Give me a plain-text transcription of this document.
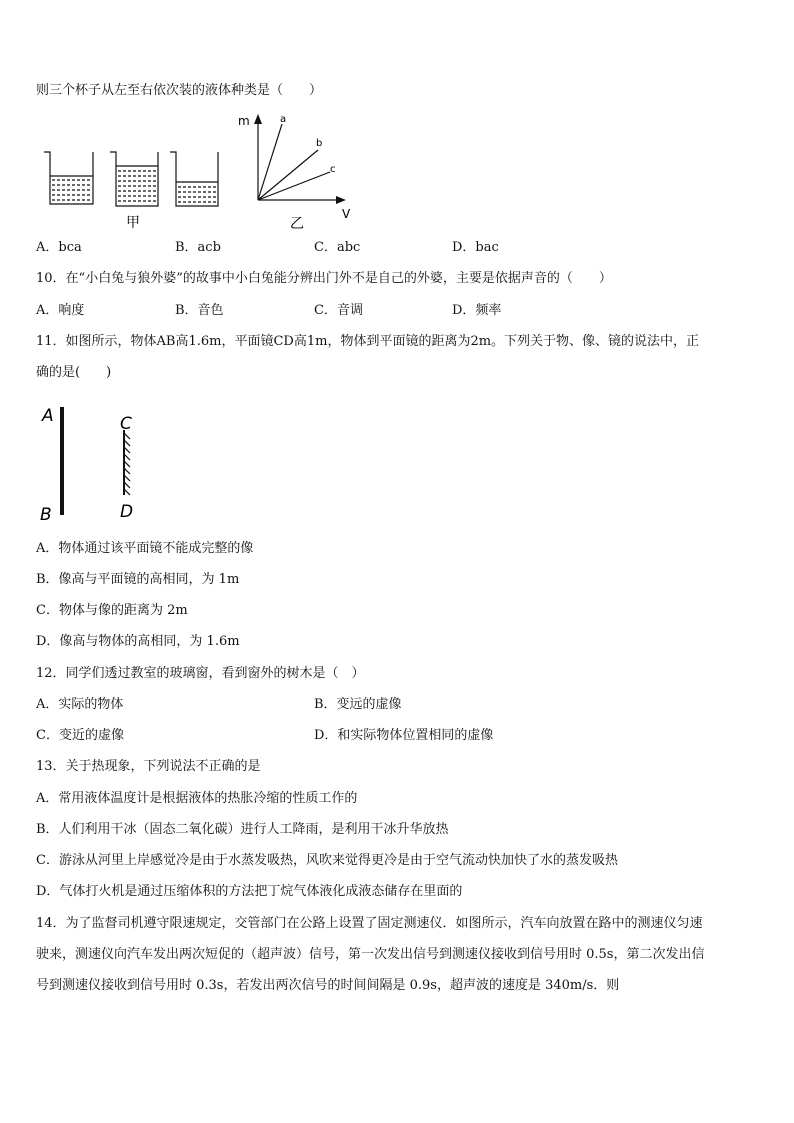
则三个杯子从左至右依次装的液体种类是（　　）
甲
m
V
a
b
c
乙
A．bca	B．acb	C．abc	D．bac
10．在“小白兔与狼外婆”的故事中小白兔能分辨出门外不是自己的外婆，主要是依据声音的（　　）
A．响度	B．音色	C．音调	D．频率
11．如图所示，物体AB高1.6m，平面镜CD高1m，物体到平面镜的距离为2m。下列关于物、像、镜的说法中，正
确的是(　　)
A
B
C
D
A．物体通过该平面镜不能成完整的像
B．像高与平面镜的高相同，为 1m
C．物体与像的距离为 2m
D．像高与物体的高相同，为 1.6m
12．同学们透过教室的玻璃窗，看到窗外的树木是（　）
A．实际的物体	B．变远的虚像
C．变近的虚像	D．和实际物体位置相同的虚像
13．关于热现象，下列说法不正确的是
A．常用液体温度计是根据液体的热胀冷缩的性质工作的
B．人们利用干冰（固态二氧化碳）进行人工降雨，是利用干冰升华放热
C．游泳从河里上岸感觉冷是由于水蒸发吸热，风吹来觉得更冷是由于空气流动快加快了水的蒸发吸热
D．气体打火机是通过压缩体积的方法把丁烷气体液化成液态储存在里面的
14．为了监督司机遵守限速规定，交管部门在公路上设置了固定测速仪．如图所示，汽车向放置在路中的测速仪匀速
驶来，测速仪向汽车发出两次短促的（超声波）信号，第一次发出信号到测速仪接收到信号用时 0.5s，第二次发出信
号到测速仪接收到信号用时 0.3s，若发出两次信号的时间间隔是 0.9s，超声波的速度是 340m/s．则
